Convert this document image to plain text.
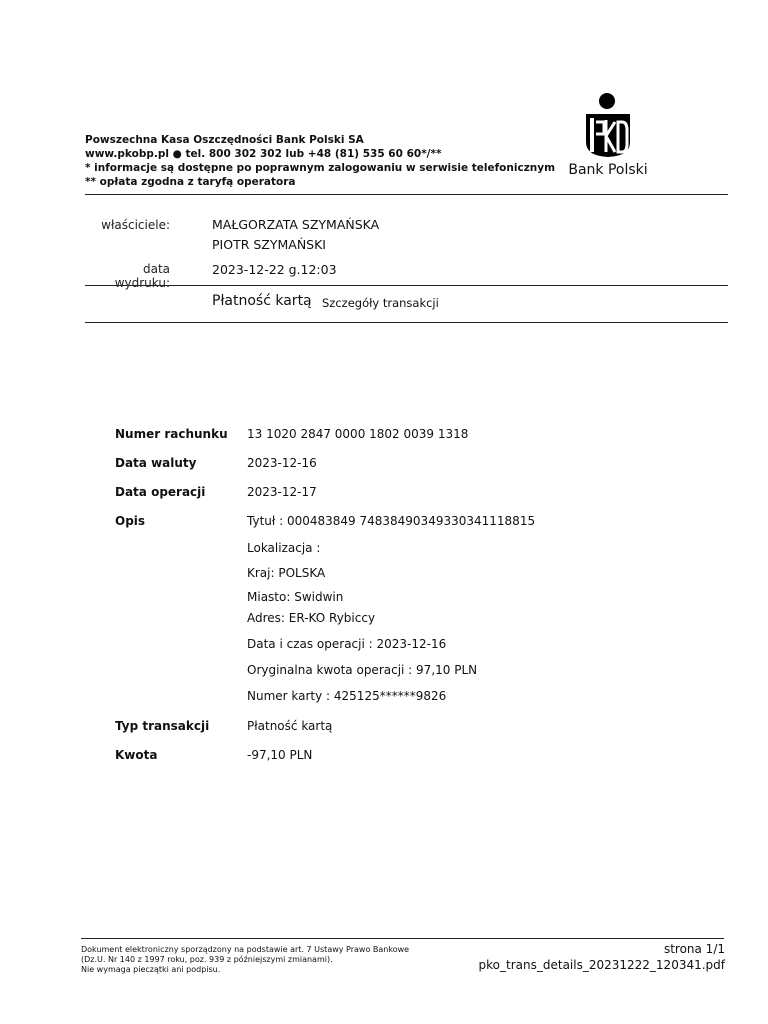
Powszechna Kasa Oszczędności Bank Polski SA
www.pkobp.pl ● tel. 800 302 302 lub +48 (81) 535 60 60*/**
* informacje są dostępne po poprawnym zalogowaniu w serwisie telefonicznym
** opłata zgodna z taryfą operatora
Bank Polski
właściciele:	MAŁGORZATA SZYMAŃSKA
PIOTR SZYMAŃSKI
data wydruku:
2023-12-22 g.12:03
Płatność kartą Szczegóły transakcji
Numer rachunku 13 1020 2847 0000 1802 0039 1318
Data waluty	2023-12-16
Data operacji	2023-12-17
Opis	Tytuł : 000483849 74838490349330341118815
Lokalizacja :
Kraj: POLSKA
Miasto: Swidwin
Adres: ER-KO Rybiccy
Data i czas operacji : 2023-12-16
Oryginalna kwota operacji : 97,10 PLN
Numer karty : 425125******9826
Typ transakcji	Płatność kartą
Kwota	-97,10 PLN
Dokument elektroniczny sporządzony na podstawie art. 7 Ustawy Prawo Bankowe
(Dz.U. Nr 140 z 1997 roku, poz. 939 z późniejszymi zmianami).
Nie wymaga pieczątki ani podpisu.
strona 1/1
pko_trans_details_20231222_120341.pdf
